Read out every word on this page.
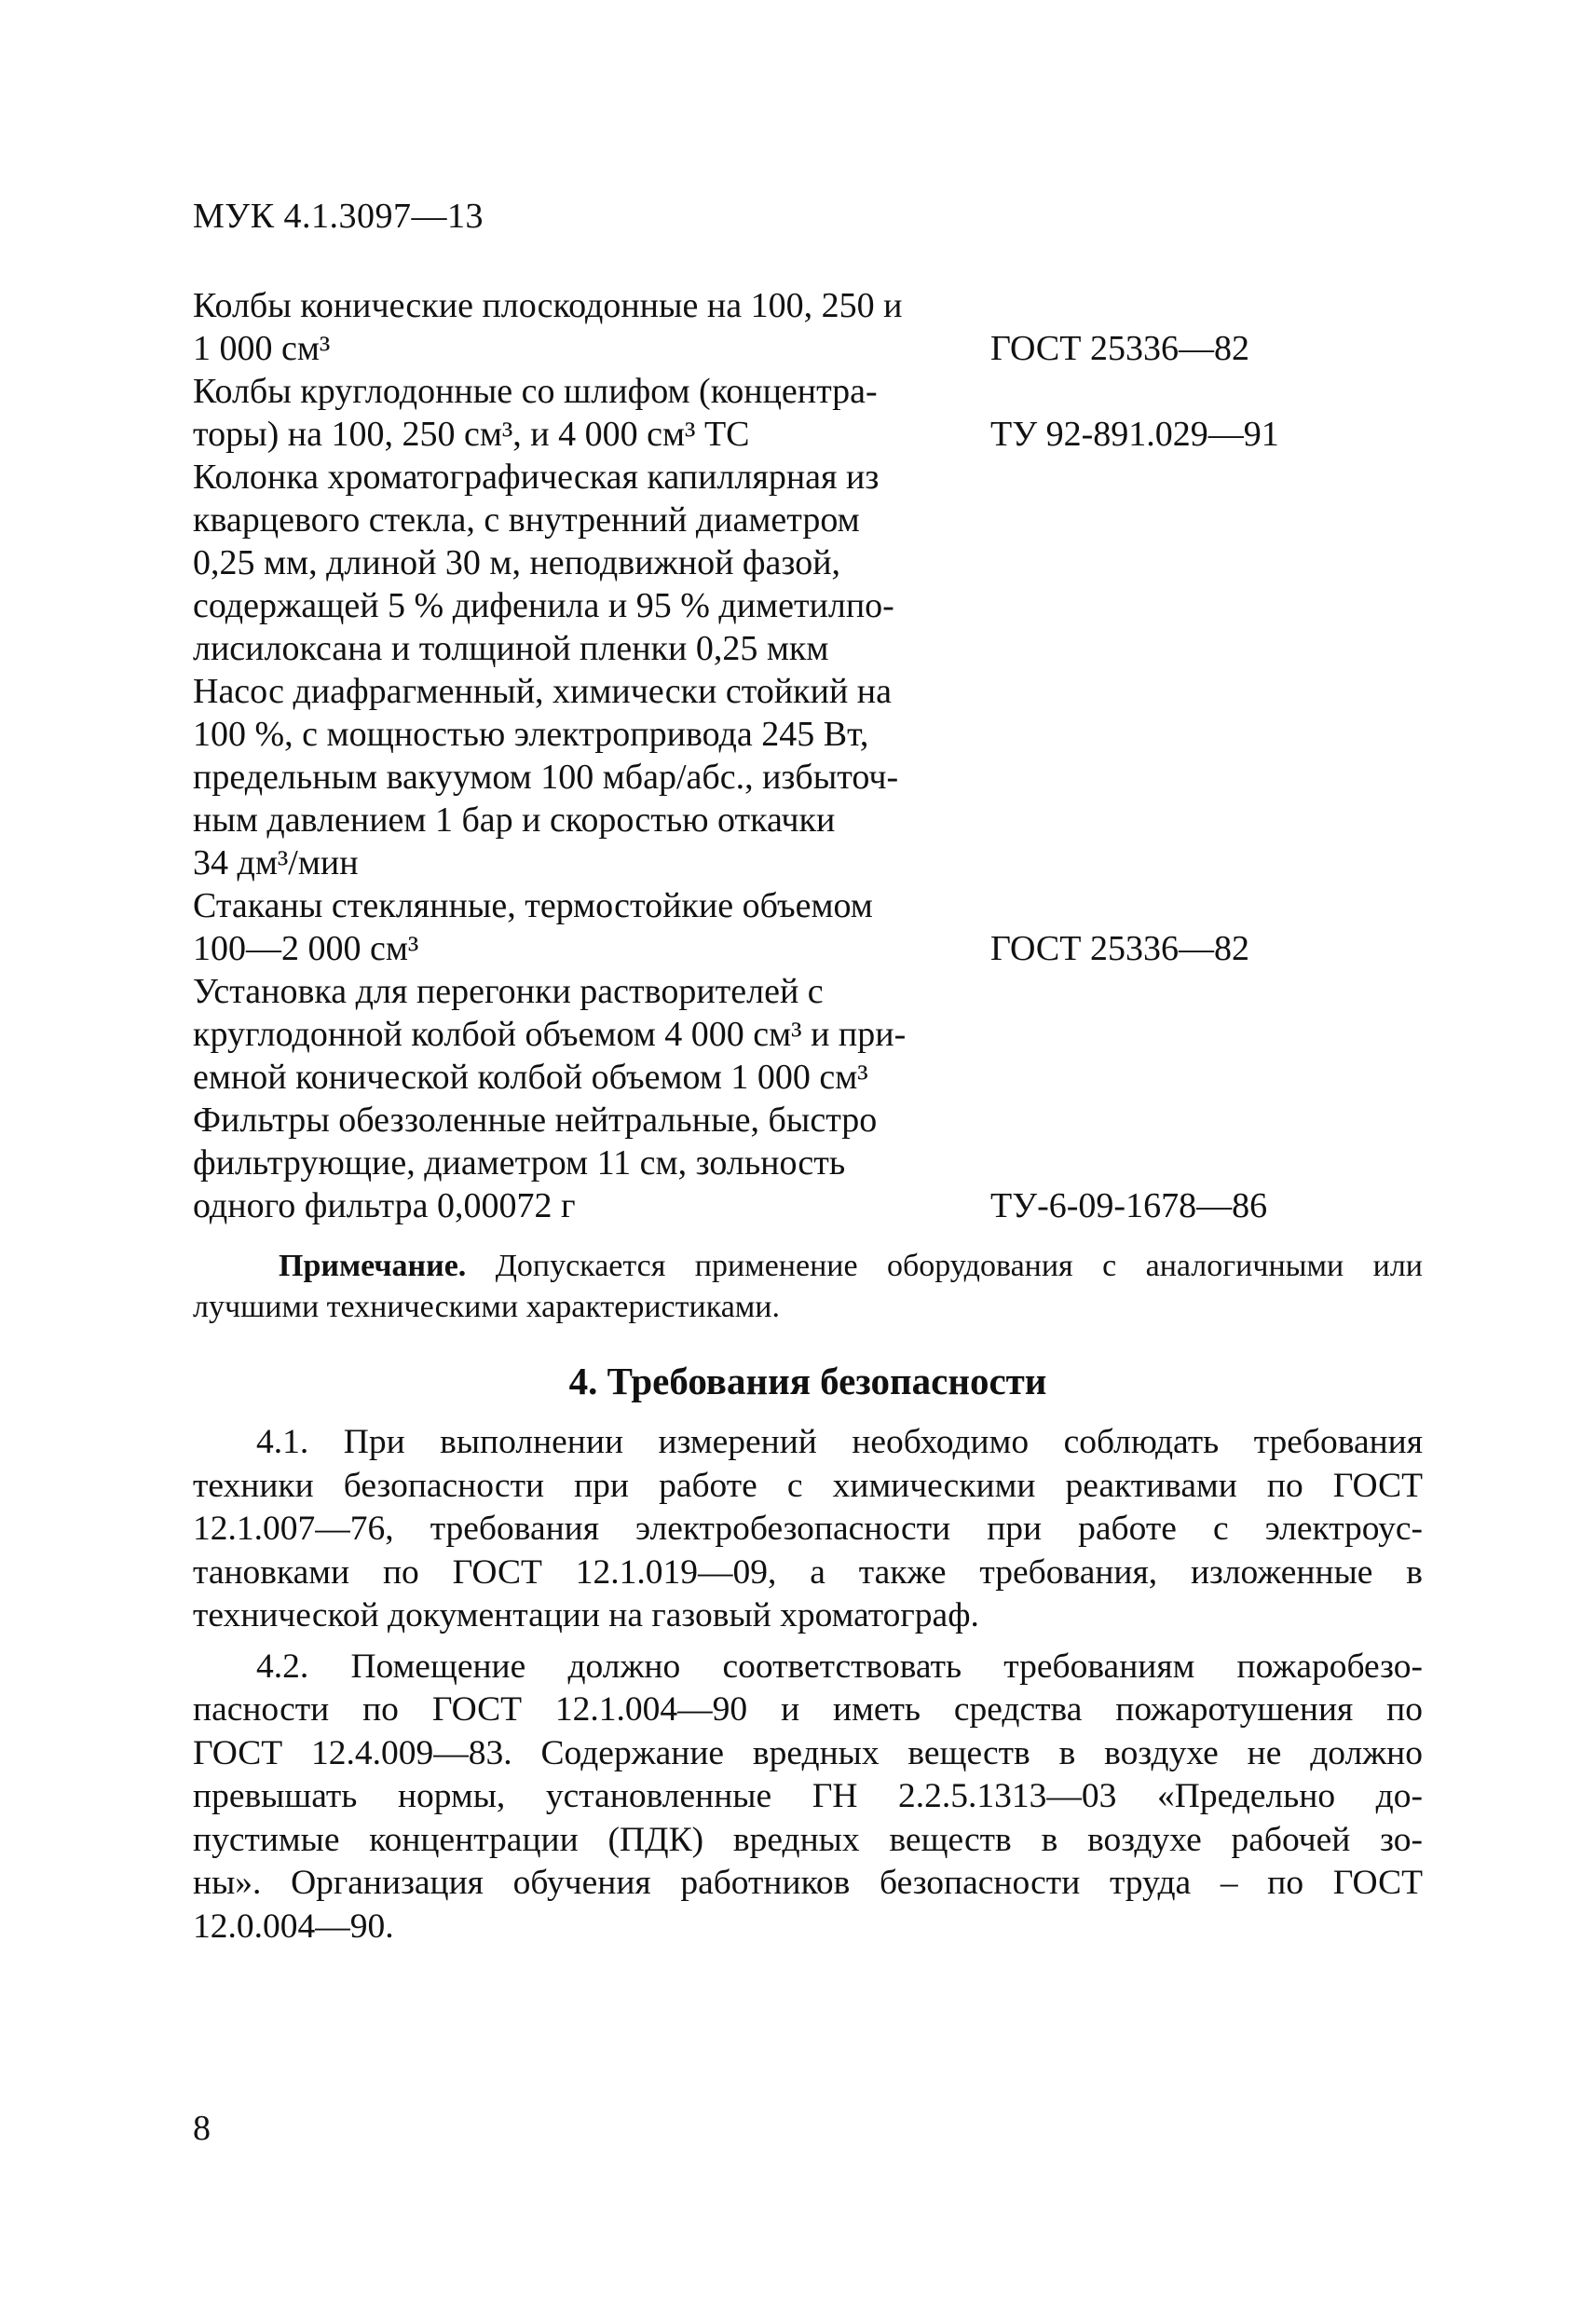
МУК 4.1.3097—13
Колбы конические плоскодонные на 100, 250 и
1 000 см³	ГОСТ 25336—82
Колбы круглодонные со шлифом (концентра-
торы) на 100, 250 см³, и 4 000 см³ ТС	ТУ 92-891.029—91
Колонка хроматографическая капиллярная из
кварцевого стекла, с внутренний диаметром
0,25 мм, длиной 30 м, неподвижной фазой,
содержащей 5 % дифенила и 95 % диметилпо-
лисилоксана и толщиной пленки 0,25 мкм
Насос диафрагменный, химически стойкий на
100 %, с мощностью электропривода 245 Вт,
предельным вакуумом 100 мбар/абс., избыточ-
ным давлением 1 бар и скоростью откачки
34 дм³/мин
Стаканы стеклянные, термостойкие объемом
100—2 000 см³	ГОСТ 25336—82
Установка для перегонки растворителей с
круглодонной колбой объемом 4 000 см³ и при-
емной конической колбой объемом 1 000 см³
Фильтры обеззоленные нейтральные, быстро
фильтрующие, диаметром 11 см, зольность
одного фильтра 0,00072 г	ТУ-6-09-1678—86
Примечание. Допускается применение оборудования с аналогичными или лучшими техническими характеристиками.
4. Требования безопасности

4.1. При выполнении измерений необходимо соблюдать требования
техники безопасности при работе с химическими реактивами по ГОСТ
12.1.007—76, требования электробезопасности при работе с электроус-
тановками по ГОСТ 12.1.019—09, а также требования, изложенные в
технической документации на газовый хроматограф.

4.2. Помещение должно соответствовать требованиям пожаробезо-
пасности по ГОСТ 12.1.004—90 и иметь средства пожаротушения по
ГОСТ 12.4.009—83. Содержание вредных веществ в воздухе не должно
превышать нормы, установленные ГН 2.2.5.1313—03 «Предельно до-
пустимые концентрации (ПДК) вредных веществ в воздухе рабочей зо-
ны». Организация обучения работников безопасности труда – по ГОСТ
12.0.004—90.

8
